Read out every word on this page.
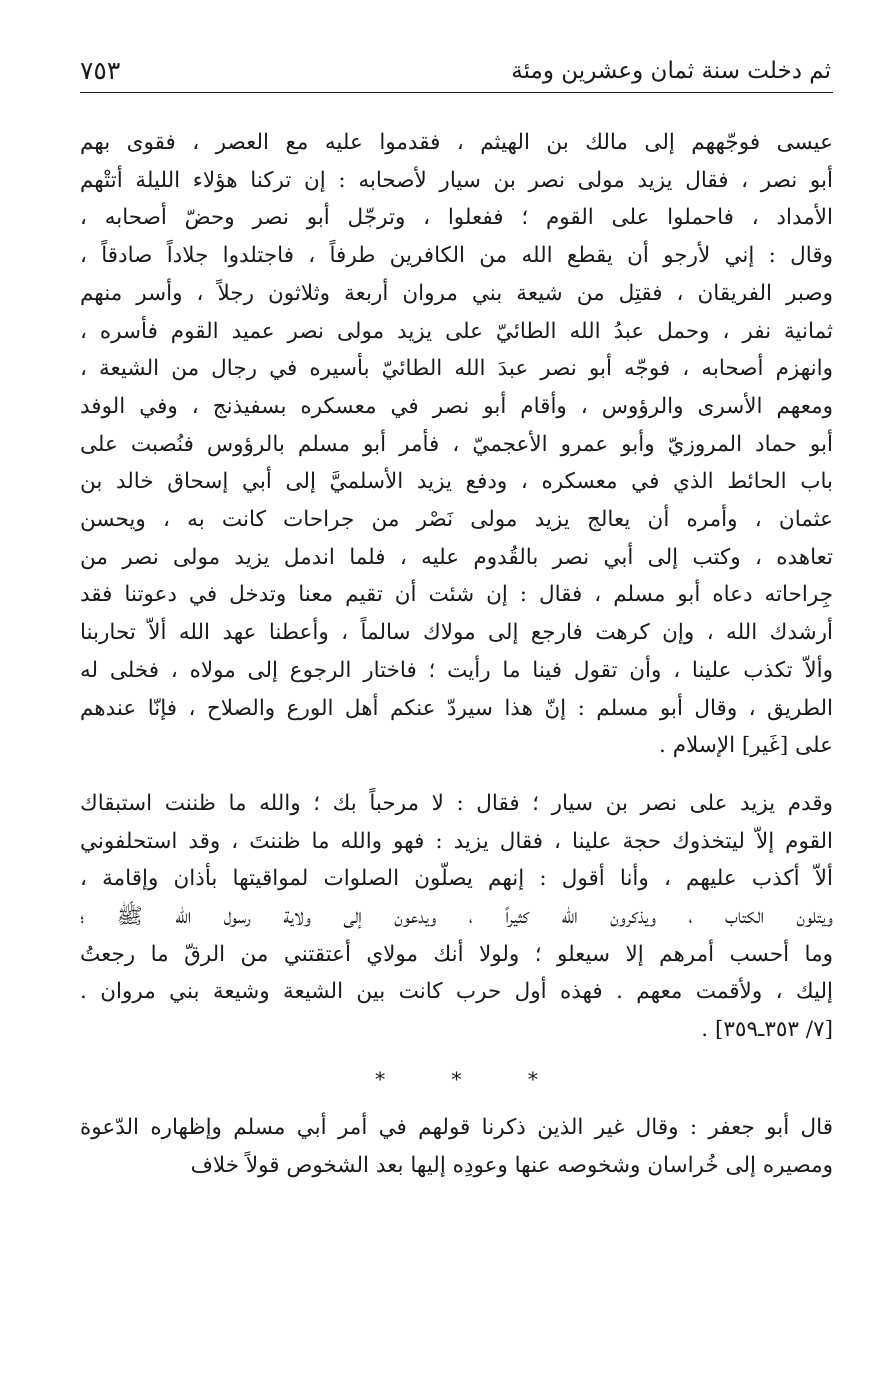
ثم دخلت سنة ثمان وعشرين ومئة
٧٥٣
عيسى فوجّههم إلى مالك بن الهيثم ، فقدموا عليه مع العصر ، فقوى بهم
أبو نصر ، فقال يزيد مولى نصر بن سيار لأصحابه : إن تركنا هؤلاء الليلة أتتْهم
الأمداد ، فاحملوا على القوم ؛ ففعلوا ، وترجّل أبو نصر وحضّ أصحابه ،
وقال : إني لأرجو أن يقطع الله من الكافرين طرفاً ، فاجتلدوا جلاداً صادقاً ،
وصبر الفريقان ، فقتِل من شيعة بني مروان أربعة وثلاثون رجلاً ، وأسر منهم
ثمانية نفر ، وحمل عبدُ الله الطائيّ على يزيد مولى نصر عميد القوم فأسره ،
وانهزم أصحابه ، فوجّه أبو نصر عبدَ الله الطائيّ بأسيره في رجال من الشيعة ،
ومعهم الأسرى والرؤوس ، وأقام أبو نصر في معسكره بسفيذنج ، وفي الوفد
أبو حماد المروزيّ وأبو عمرو الأعجميّ ، فأمر أبو مسلم بالرؤوس فنُصبت على
باب الحائط الذي في معسكره ، ودفع يزيد الأسلميَّ إلى أبي إسحاق خالد بن
عثمان ، وأمره أن يعالج يزيد مولى نَصْر من جراحات كانت به ، ويحسن
تعاهده ، وكتب إلى أبي نصر بالقُدوم عليه ، فلما اندمل يزيد مولى نصر من
جِراحاته دعاه أبو مسلم ، فقال : إن شئت أن تقيم معنا وتدخل في دعوتنا فقد
أرشدك الله ، وإن كرهت فارجع إلى مولاك سالماً ، وأعطنا عهد الله ألاّ تحاربنا
وألاّ تكذب علينا ، وأن تقول فينا ما رأيت ؛ فاختار الرجوع إلى مولاه ، فخلى له
الطريق ، وقال أبو مسلم : إنّ هذا سيردّ عنكم أهل الورع والصلاح ، فإنّا عندهم
على [غَير] الإسلام .
وقدم يزيد على نصر بن سيار ؛ فقال : لا مرحباً بك ؛ والله ما ظننت استبقاك
القوم إلاّ ليتخذوك حجة علينا ، فقال يزيد : فهو والله ما ظننتَ ، وقد استحلفوني
ألاّ أكذب عليهم ، وأنا أقول : إنهم يصلّون الصلوات لمواقيتها بأذان وإقامة ،
ويتلون الكتاب ، ويذكرون الله كثيراً ، ويدعون إلى ولاية رسول الله ﷺ ؛
وما أحسب أمرهم إلا سيعلو ؛ ولولا أنك مولاي أعتقتني من الرقّ ما رجعتُ
إليك ، ولأقمت معهم . فهذه أول حرب كانت بين الشيعة وشيعة بني مروان .
[٧/ ٣٥٣ـ٣٥٩] .
* * *
قال أبو جعفر : وقال غير الذين ذكرنا قولهم في أمر أبي مسلم وإظهاره الدّعوة
ومصيره إلى خُراسان وشخوصه عنها وعودِه إليها بعد الشخوص قولاً خلاف
